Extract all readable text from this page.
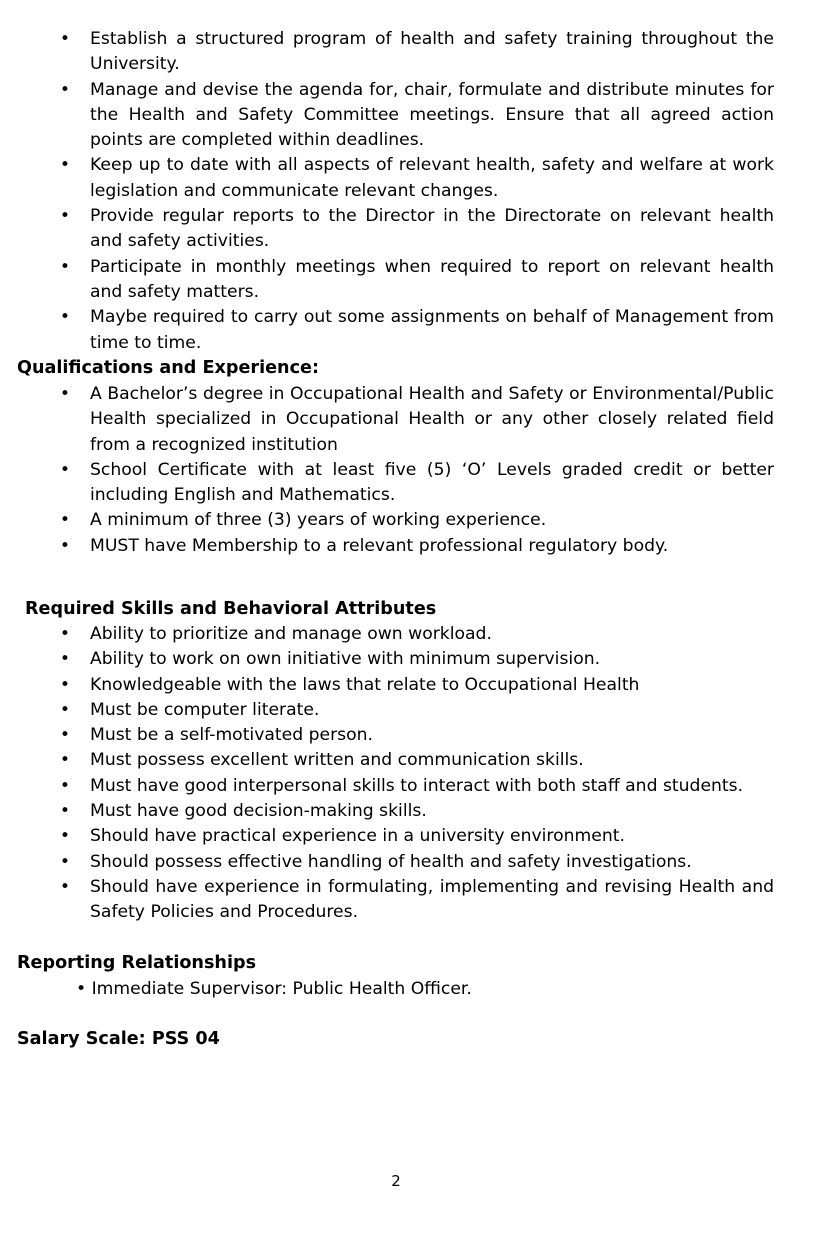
• Establish a structured program of health and safety training throughout the University.
• Manage and devise the agenda for, chair, formulate and distribute minutes for the Health and Safety Committee meetings. Ensure that all agreed action points are completed within deadlines.
• Keep up to date with all aspects of relevant health, safety and welfare at work legislation and communicate relevant changes.
• Provide regular reports to the Director in the Directorate on relevant health and safety activities.
• Participate in monthly meetings when required to report on relevant health and safety matters.
• Maybe required to carry out some assignments on behalf of Management from time to time.
Qualifications and Experience:
• A Bachelor’s degree in Occupational Health and Safety or Environmental/Public Health specialized in Occupational Health or any other closely related field from a recognized institution
• School Certificate with at least five (5) ‘O’ Levels graded credit or better including English and Mathematics.
• A minimum of three (3) years of working experience.
• MUST have Membership to a relevant professional regulatory body.
Required Skills and Behavioral Attributes
• Ability to prioritize and manage own workload.
• Ability to work on own initiative with minimum supervision.
• Knowledgeable with the laws that relate to Occupational Health
• Must be computer literate.
• Must be a self-motivated person.
• Must possess excellent written and communication skills.
• Must have good interpersonal skills to interact with both staff and students.
• Must have good decision-making skills.
• Should have practical experience in a university environment.
• Should possess effective handling of health and safety investigations.
• Should have experience in formulating, implementing and revising Health and Safety Policies and Procedures.
Reporting Relationships
• Immediate Supervisor: Public Health Officer.
Salary Scale: PSS 04
2
